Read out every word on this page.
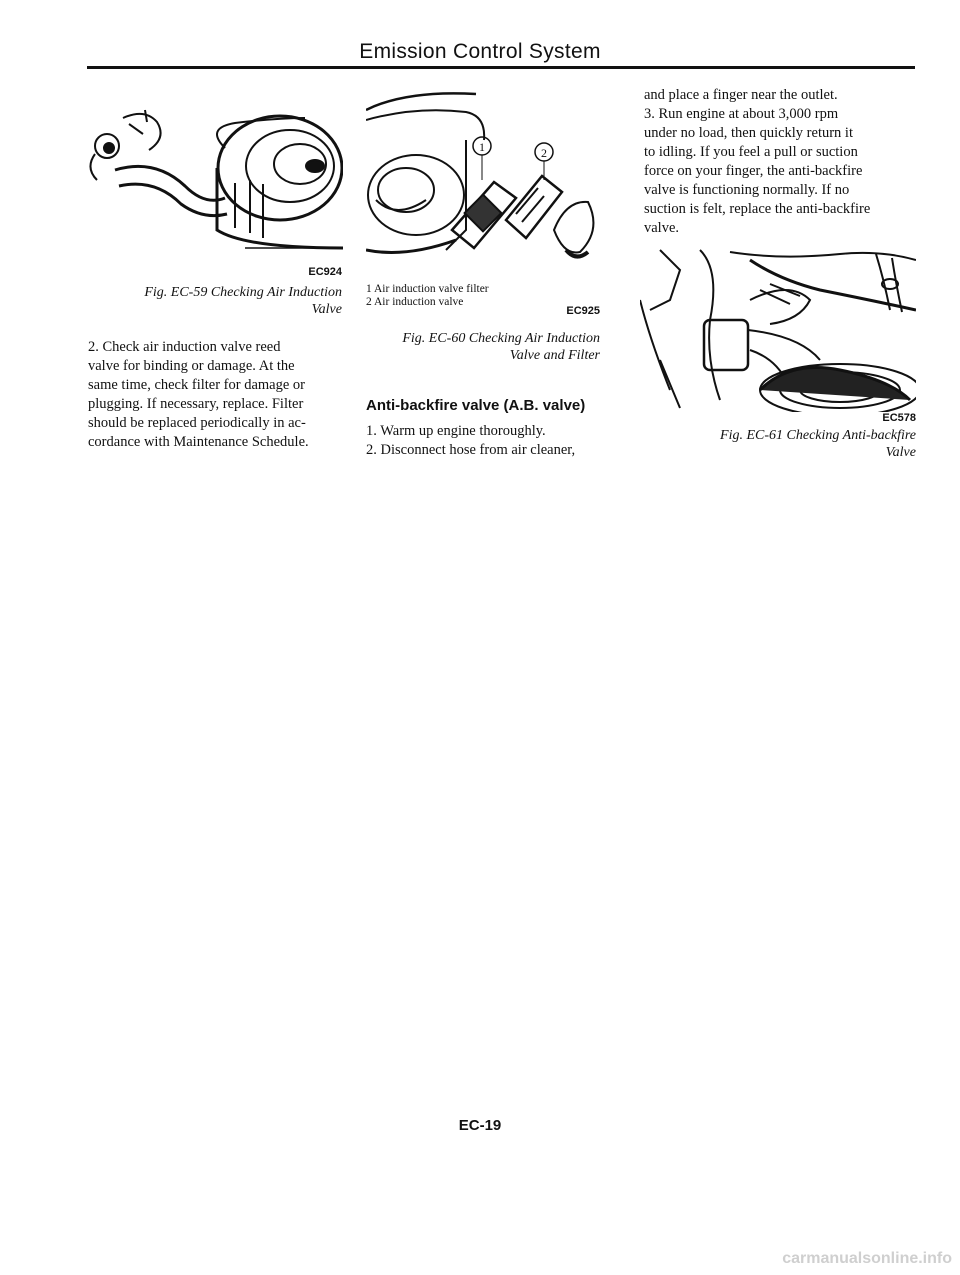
Emission Control System
EC924
Fig. EC-59 Checking Air Induction
Valve
2. Check air induction valve reed
valve for binding or damage. At the
same time, check filter for damage or
plugging. If necessary, replace. Filter
should be replaced periodically in ac-
cordance with Maintenance Schedule.
1	2
1 Air induction valve filter
2 Air induction valve
EC925
Fig. EC-60 Checking Air Induction
Valve and Filter
Anti-backfire valve (A.B. valve)
1. Warm up engine thoroughly.
2. Disconnect hose from air cleaner,
and place a finger near the outlet.
3. Run engine at about 3,000 rpm
under no load, then quickly return it
to idling. If you feel a pull or suction
force on your finger, the anti-backfire
valve is functioning normally. If no
suction is felt, replace the anti-backfire
valve.
EC578
Fig. EC-61 Checking Anti-backfire
Valve
EC-19
carmanualsonline.info
